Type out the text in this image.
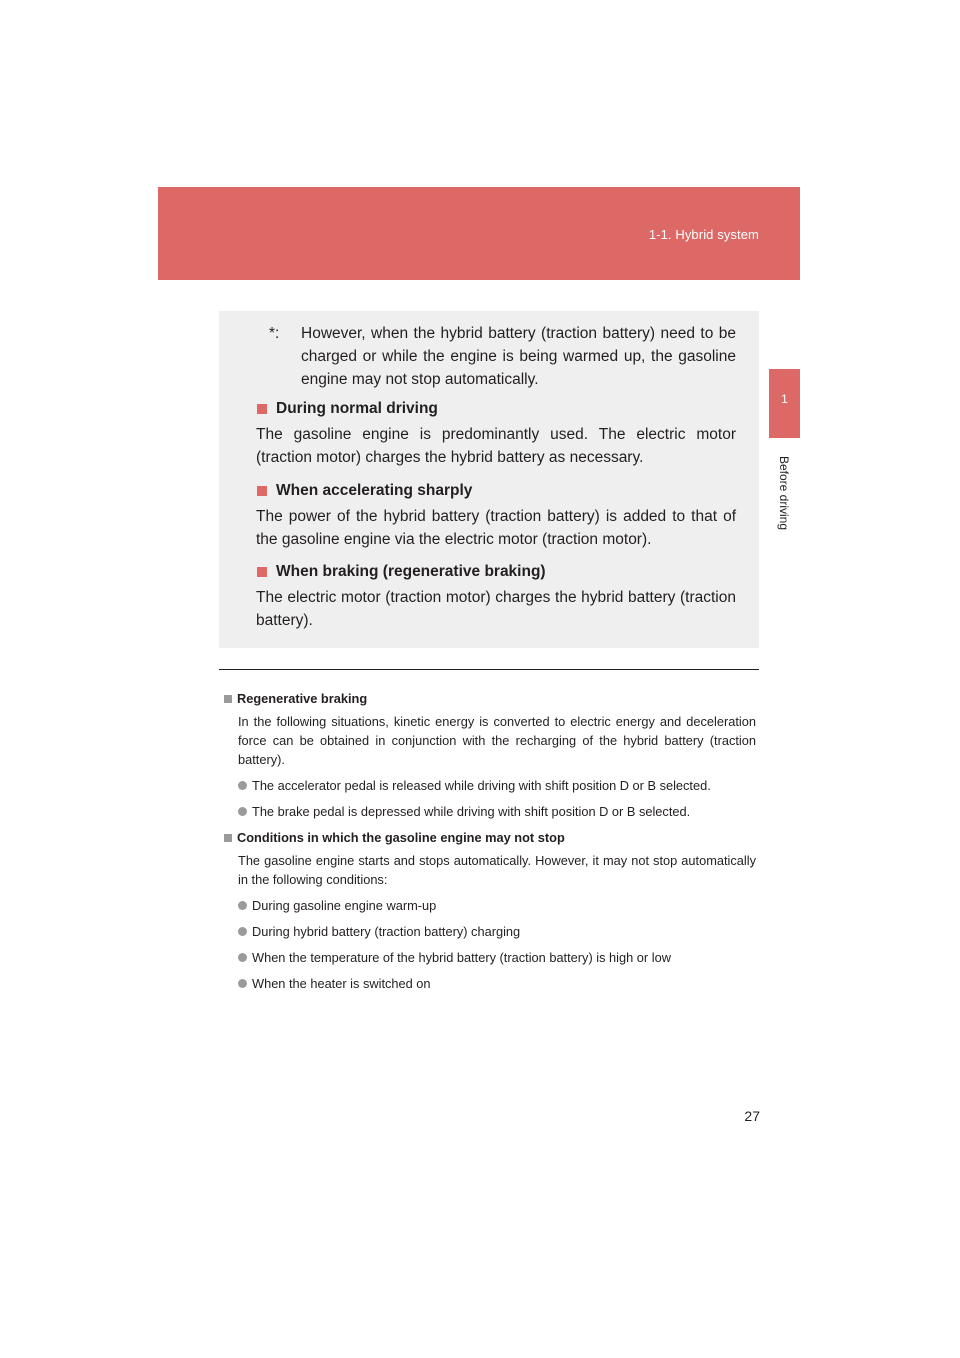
1-1. Hybrid system
1
Before driving
*: However, when the hybrid battery (traction battery) need to be charged or while the engine is being warmed up, the gasoline engine may not stop automatically.
During normal driving
The gasoline engine is predominantly used. The electric motor (traction motor) charges the hybrid battery as necessary.
When accelerating sharply
The power of the hybrid battery (traction battery) is added to that of the gasoline engine via the electric motor (traction motor).
When braking (regenerative braking)
The electric motor (traction motor) charges the hybrid battery (traction battery).
Regenerative braking
In the following situations, kinetic energy is converted to electric energy and deceleration force can be obtained in conjunction with the recharging of the hybrid battery (traction battery).
The accelerator pedal is released while driving with shift position D or B selected.
The brake pedal is depressed while driving with shift position D or B selected.
Conditions in which the gasoline engine may not stop
The gasoline engine starts and stops automatically. However, it may not stop automatically in the following conditions:
During gasoline engine warm-up
During hybrid battery (traction battery) charging
When the temperature of the hybrid battery (traction battery) is high or low
When the heater is switched on
27
